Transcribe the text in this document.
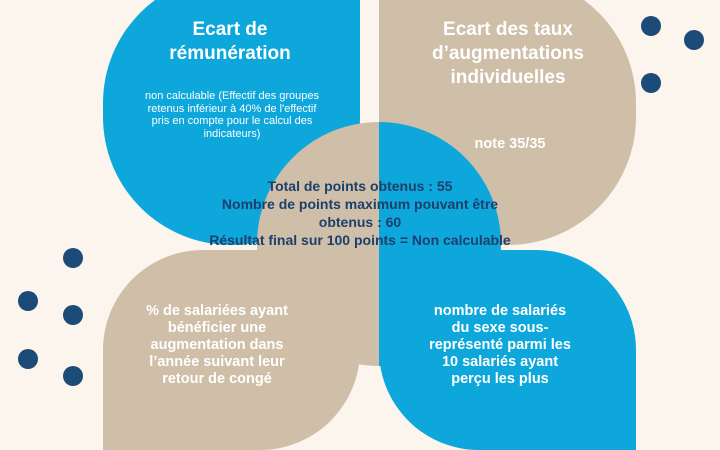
Ecart de rémunération
non calculable (Effectif des groupes retenus inférieur à 40% de l'effectif pris en compte pour le calcul des indicateurs)
Ecart des taux d’augmentations individuelles
note 35/35
Total de points obtenus : 55
Nombre de points maximum pouvant être
obtenus : 60
Résultat final sur 100 points = Non calculable
% de salariées ayant bénéficier une augmentation dans l’année suivant leur retour de congé
nombre de salariés du sexe sous-représenté parmi les 10 salariés ayant perçu les plus
